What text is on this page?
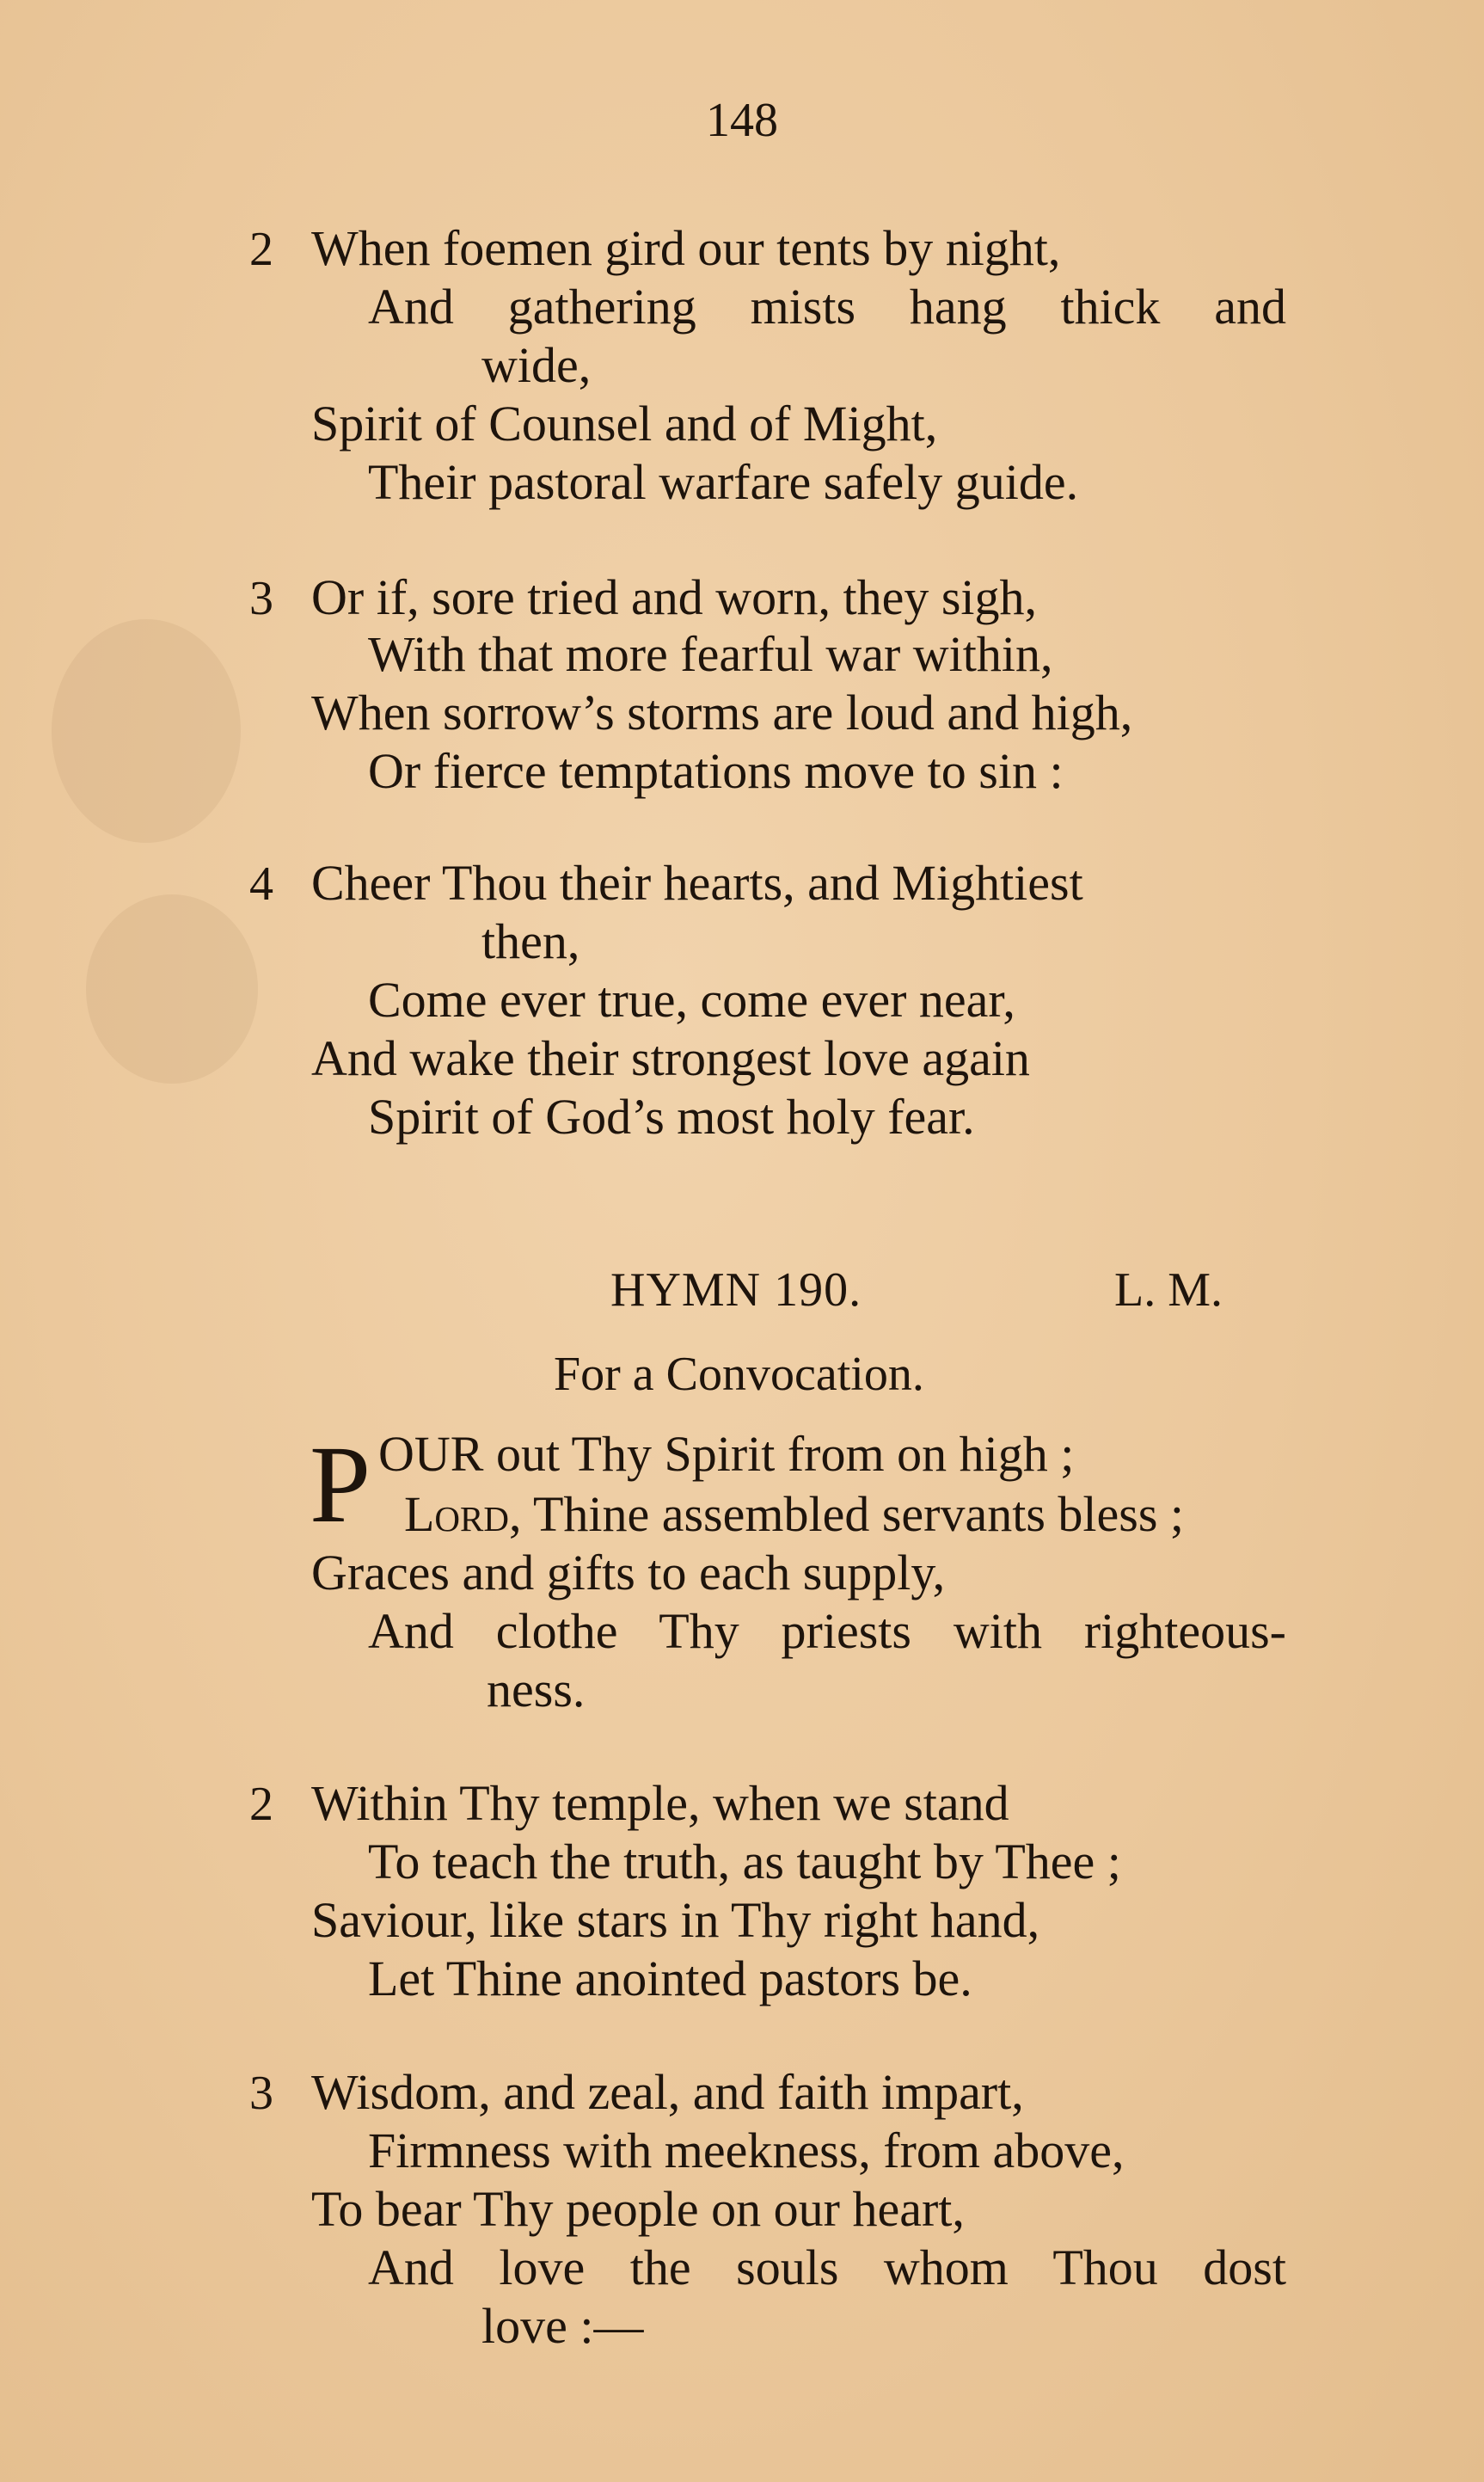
148
2 When foemen gird our tents by night,
And gathering mists hang thick and
wide,
Spirit of Counsel and of Might,
Their pastoral warfare safely guide.
3 Or if, sore tried and worn, they sigh,
With that more fearful war within,
When sorrow’s storms are loud and high,
Or fierce temptations move to sin :
4 Cheer Thou their hearts, and Mightiest
then,
Come ever true, come ever near,
And wake their strongest love again
Spirit of God’s most holy fear.
HYMN 190.	L. M.
For a Convocation.
P OUR out Thy Spirit from on high ;
Lord, Thine assembled servants bless ;
Graces and gifts to each supply,
And clothe Thy priests with righteous-
ness.
2 Within Thy temple, when we stand
To teach the truth, as taught by Thee ;
Saviour, like stars in Thy right hand,
Let Thine anointed pastors be.
3 Wisdom, and zeal, and faith impart,
Firmness with meekness, from above,
To bear Thy people on our heart,
And love the souls whom Thou dost
love :—
